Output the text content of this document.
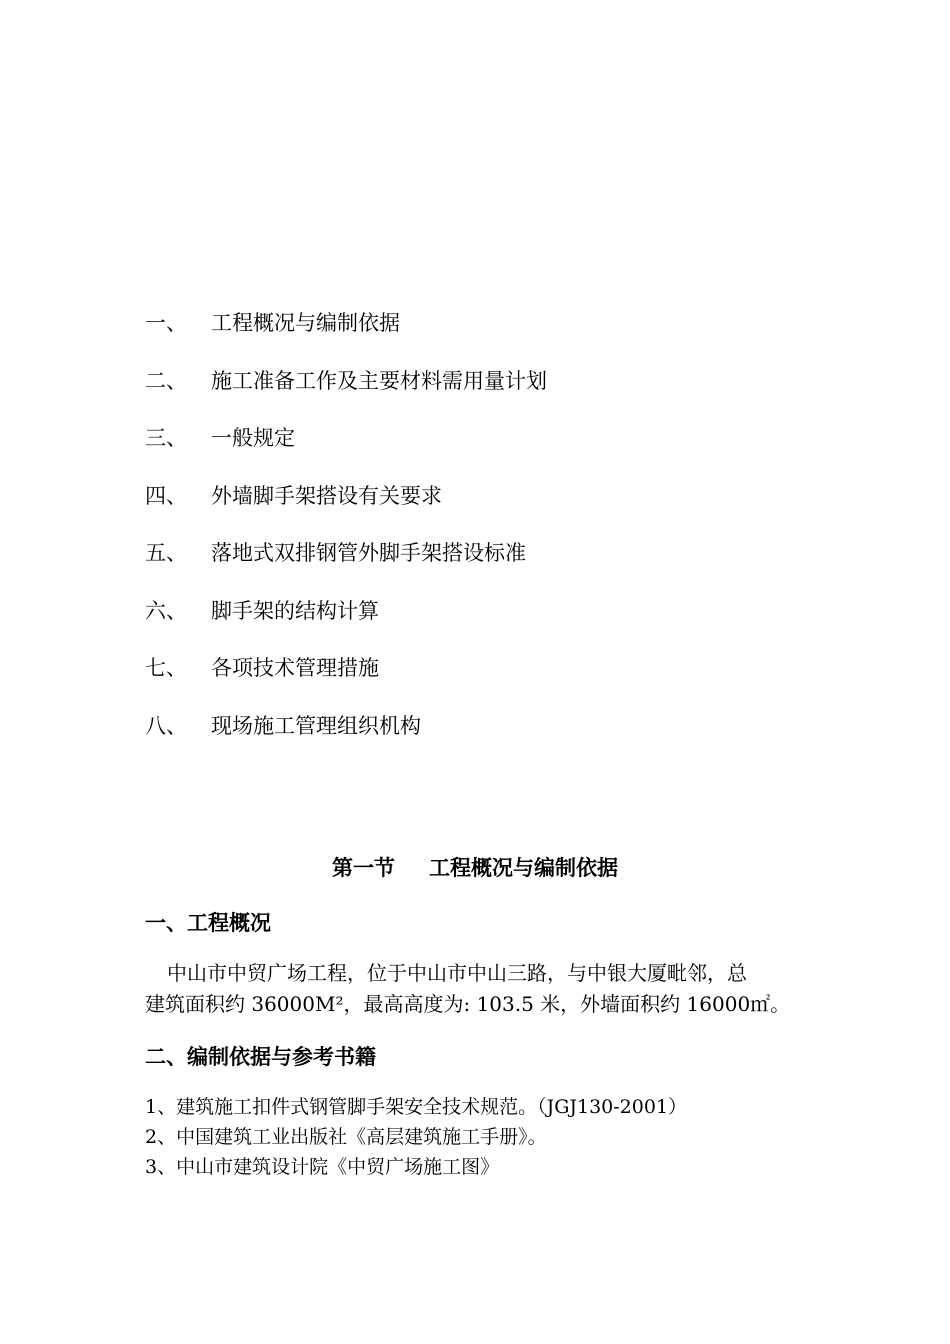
一、 工程概况与编制依据
二、 施工准备工作及主要材料需用量计划
三、 一般规定
四、 外墙脚手架搭设有关要求
五、 落地式双排钢管外脚手架搭设标准
六、 脚手架的结构计算
七、 各项技术管理措施
八、 现场施工管理组织机构
第一节 工程概况与编制依据
一、工程概况
中山市中贸广场工程，位于中山市中山三路，与中银大厦毗邻，总
建筑面积约 36000M²，最高高度为: 103.5 米，外墙面积约 16000㎡。
二、编制依据与参考书籍
1、建筑施工扣件式钢管脚手架安全技术规范。（JGJ130-2001）
2、中国建筑工业出版社《高层建筑施工手册》。
3、中山市建筑设计院《中贸广场施工图》
